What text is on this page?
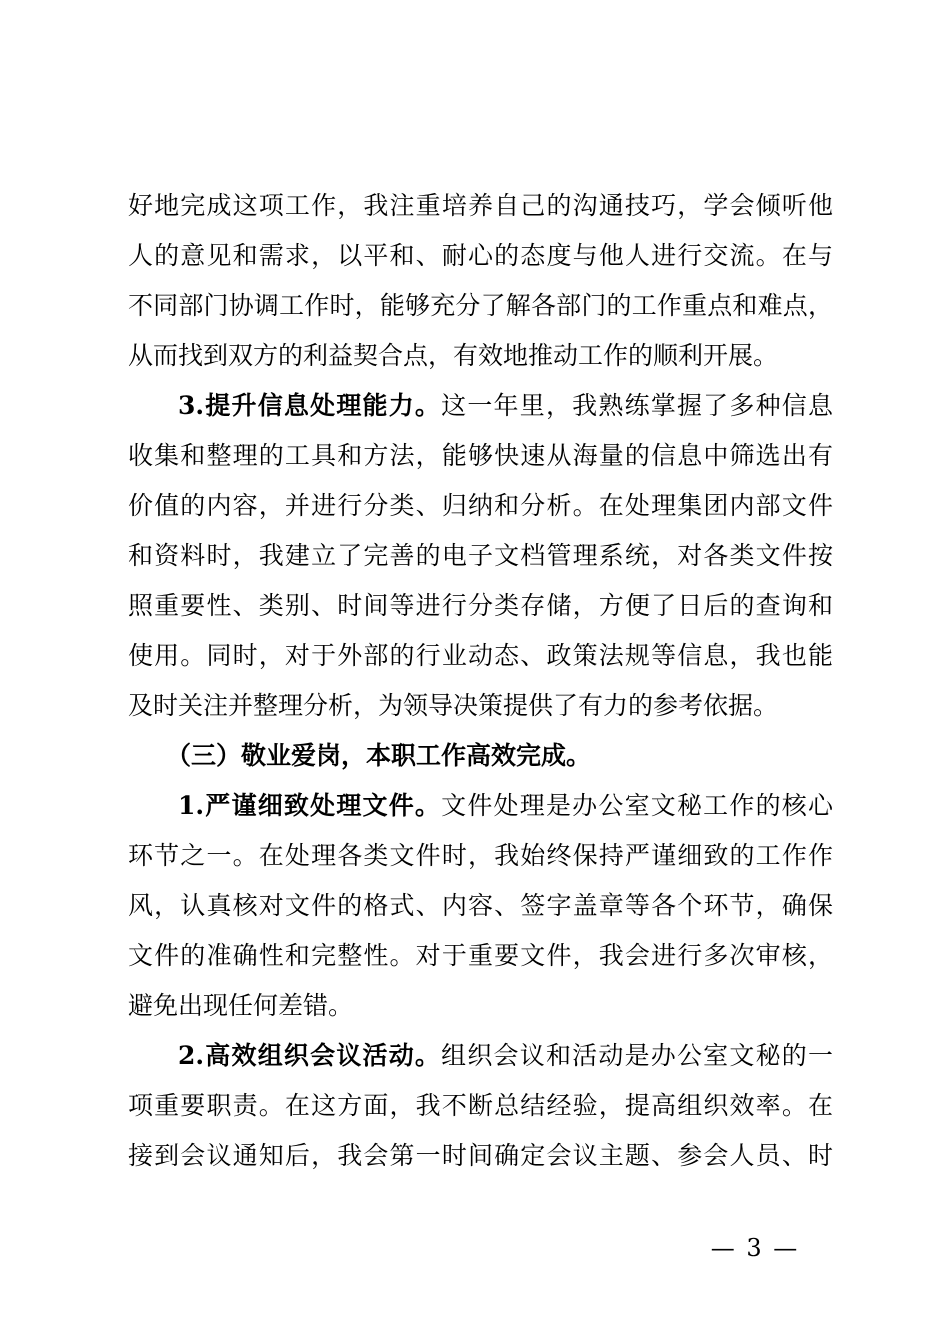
好地完成这项工作，我注重培养自己的沟通技巧，学会倾听他
人的意见和需求，以平和、耐心的态度与他人进行交流。在与
不同部门协调工作时，能够充分了解各部门的工作重点和难点，
从而找到双方的利益契合点，有效地推动工作的顺利开展。
3.提升信息处理能力。这一年里，我熟练掌握了多种信息
收集和整理的工具和方法，能够快速从海量的信息中筛选出有
价值的内容，并进行分类、归纳和分析。在处理集团内部文件
和资料时，我建立了完善的电子文档管理系统，对各类文件按
照重要性、类别、时间等进行分类存储，方便了日后的查询和
使用。同时，对于外部的行业动态、政策法规等信息，我也能
及时关注并整理分析，为领导决策提供了有力的参考依据。
（三）敬业爱岗，本职工作高效完成。
1.严谨细致处理文件。文件处理是办公室文秘工作的核心
环节之一。在处理各类文件时，我始终保持严谨细致的工作作
风，认真核对文件的格式、内容、签字盖章等各个环节，确保
文件的准确性和完整性。对于重要文件，我会进行多次审核，
避免出现任何差错。
2.高效组织会议活动。组织会议和活动是办公室文秘的一
项重要职责。在这方面，我不断总结经验，提高组织效率。在
接到会议通知后，我会第一时间确定会议主题、参会人员、时
— 3 —
